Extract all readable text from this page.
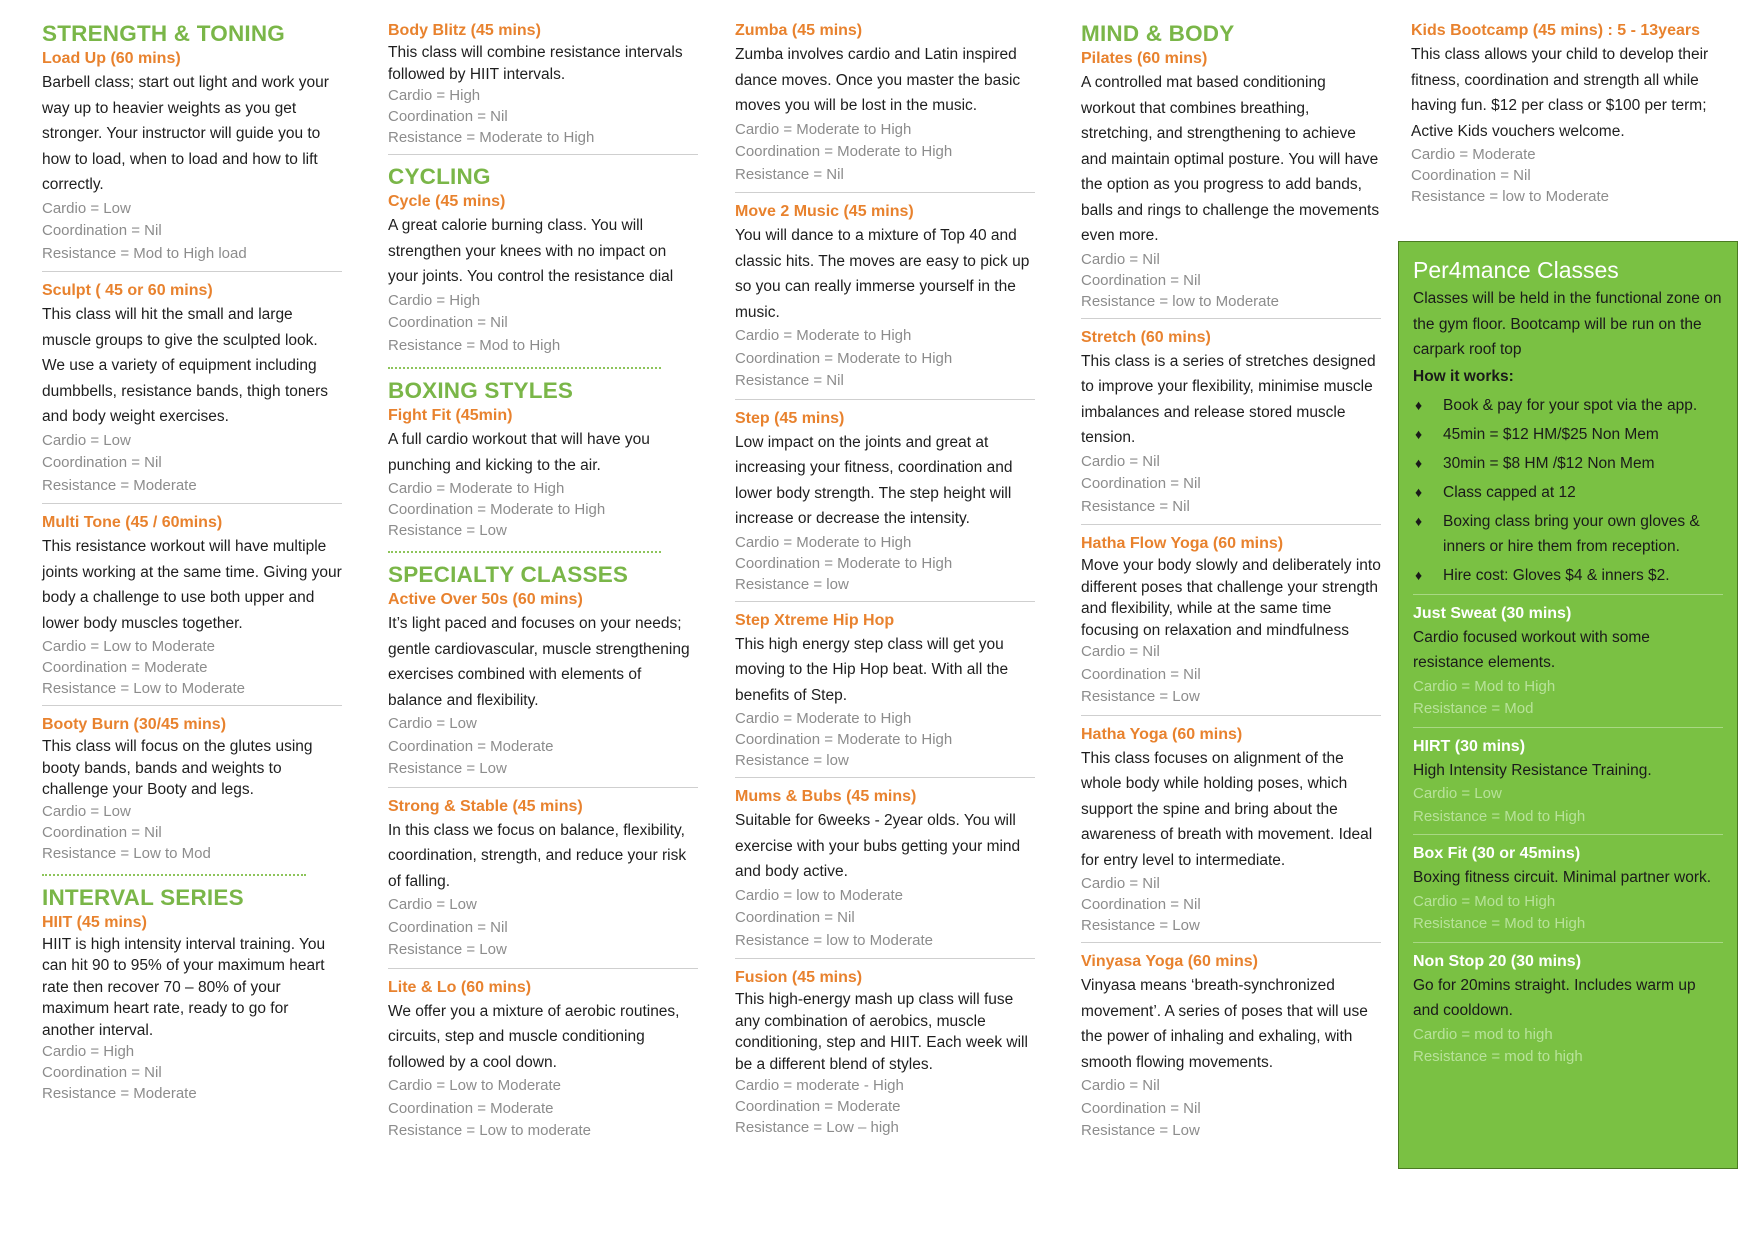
STRENGTH & TONING
Load Up (60 mins)

Barbell class; start out light and work your way up to heavier weights as you get stronger. Your instructor will guide you to how to load, when to load and how to lift correctly.

Cardio = Low

Coordination = Nil

Resistance = Mod to High load

Sculpt ( 45 or 60 mins)

This class will hit the small and large muscle groups to give the sculpted look. We use a variety of equipment including dumbbells, resistance bands, thigh toners and body weight exercises.

Cardio = Low

Coordination = Nil

Resistance = Moderate

Multi Tone (45 / 60mins)

This resistance workout will have multiple joints working at the same time. Giving your body a challenge to use both upper and lower body muscles together.

Cardio = Low to Moderate

Coordination = Moderate

Resistance = Low to Moderate

Booty Burn (30/45 mins)

This class will focus on the glutes using booty bands, bands and weights to challenge your Booty and legs.

Cardio = Low

Coordination = Nil

Resistance = Low to Mod

INTERVAL SERIES
HIIT (45 mins)

HIIT is high intensity interval training. You can hit 90 to 95% of your maximum heart rate then recover 70 – 80% of your maximum heart rate, ready to go for another interval.

Cardio = High

Coordination = Nil

Resistance = Moderate

Body Blitz (45 mins)

This class will combine resistance intervals followed by HIIT intervals.

Cardio = High

Coordination = Nil

Resistance = Moderate to High

CYCLING
Cycle (45 mins)

A great calorie burning class. You will strengthen your knees with no impact on your joints. You control the resistance dial

Cardio = High

Coordination = Nil

Resistance = Mod to High

BOXING STYLES
Fight Fit (45min)

A full cardio workout that will have you punching and kicking to the air.

Cardio = Moderate to High

Coordination = Moderate to High

Resistance = Low

SPECIALTY CLASSES
Active Over 50s (60 mins)

It’s light paced and focuses on your needs; gentle cardiovascular, muscle strengthening exercises combined with elements of balance and flexibility.

Cardio = Low

Coordination = Moderate

Resistance = Low

Strong & Stable (45 mins)

In this class we focus on balance, flexibility, coordination, strength, and reduce your risk of falling.

Cardio = Low

Coordination = Nil

Resistance = Low

Lite & Lo (60 mins)

We offer you a mixture of aerobic routines, circuits, step and muscle conditioning followed by a cool down.

Cardio = Low to Moderate

Coordination = Moderate

Resistance = Low to moderate

Zumba (45 mins)

Zumba involves cardio and Latin inspired dance moves. Once you master the basic moves you will be lost in the music.

Cardio = Moderate to High

Coordination = Moderate to High

Resistance = Nil

Move 2 Music (45 mins)

You will dance to a mixture of Top 40 and classic hits. The moves are easy to pick up so you can really immerse yourself in the music.

Cardio = Moderate to High

Coordination = Moderate to High

Resistance = Nil

Step (45 mins)

Low impact on the joints and great at increasing your fitness, coordination and lower body strength. The step height will increase or decrease the intensity.

Cardio = Moderate to High

Coordination = Moderate to High

Resistance = low

Step Xtreme Hip Hop

This high energy step class will get you moving to the Hip Hop beat. With all the benefits of Step.

Cardio = Moderate to High

Coordination = Moderate to High

Resistance = low

Mums & Bubs (45 mins)

Suitable for 6weeks - 2year olds. You will exercise with your bubs getting your mind and body active.

Cardio = low to Moderate

Coordination = Nil

Resistance = low to Moderate

Fusion (45 mins)

This high-energy mash up class will fuse any combination of aerobics, muscle conditioning, step and HIIT. Each week will be a different blend of styles.

Cardio = moderate - High

Coordination = Moderate

Resistance = Low – high

MIND & BODY
Pilates (60 mins)

A controlled mat based conditioning workout that combines breathing, stretching, and strengthening to achieve and maintain optimal posture. You will have the option as you progress to add bands, balls and rings to challenge the movements even more.

Cardio = Nil

Coordination = Nil

Resistance = low to Moderate

Stretch (60 mins)

This class is a series of stretches designed to improve your flexibility, minimise muscle imbalances and release stored muscle tension.

Cardio = Nil

Coordination = Nil

Resistance = Nil

Hatha Flow Yoga (60 mins)

Move your body slowly and deliberately into different poses that challenge your strength and flexibility, while at the same time focusing on relaxation and mindfulness

Cardio = Nil

Coordination = Nil

Resistance = Low

Hatha Yoga (60 mins)

This class focuses on alignment of the whole body while holding poses, which support the spine and bring about the awareness of breath with movement. Ideal for entry level to intermediate.

Cardio = Nil

Coordination = Nil

Resistance = Low

Vinyasa Yoga (60 mins)

Vinyasa means ‘breath-synchronized movement’. A series of poses that will use the power of inhaling and exhaling, with smooth flowing movements.

Cardio = Nil

Coordination = Nil

Resistance = Low

Kids Bootcamp (45 mins) : 5 - 13years

This class allows your child to develop their fitness, coordination and strength all while having fun. $12 per class or $100 per term; Active Kids vouchers welcome.

Cardio = Moderate

Coordination = Nil

Resistance = low to Moderate

Per4mance Classes

Classes will be held in the functional zone on the gym floor. Bootcamp will be run on the carpark roof top

How it works:

♦ Book & pay for your spot via the app.
♦ 45min = $12 HM/$25 Non Mem
♦ 30min = $8 HM /$12 Non Mem
♦ Class capped at 12
♦ Boxing class bring your own gloves & inners or hire them from reception.
♦ Hire cost: Gloves $4 & inners $2.
Just Sweat (30 mins)

Cardio focused workout with some resistance elements.

Cardio = Mod to High

Resistance = Mod

HIRT (30 mins)

High Intensity Resistance Training.

Cardio = Low

Resistance = Mod to High

Box Fit (30 or 45mins)

Boxing fitness circuit. Minimal partner work.

Cardio = Mod to High

Resistance = Mod to High

Non Stop 20 (30 mins)

Go for 20mins straight. Includes warm up and cooldown.

Cardio = mod to high

Resistance = mod to high
